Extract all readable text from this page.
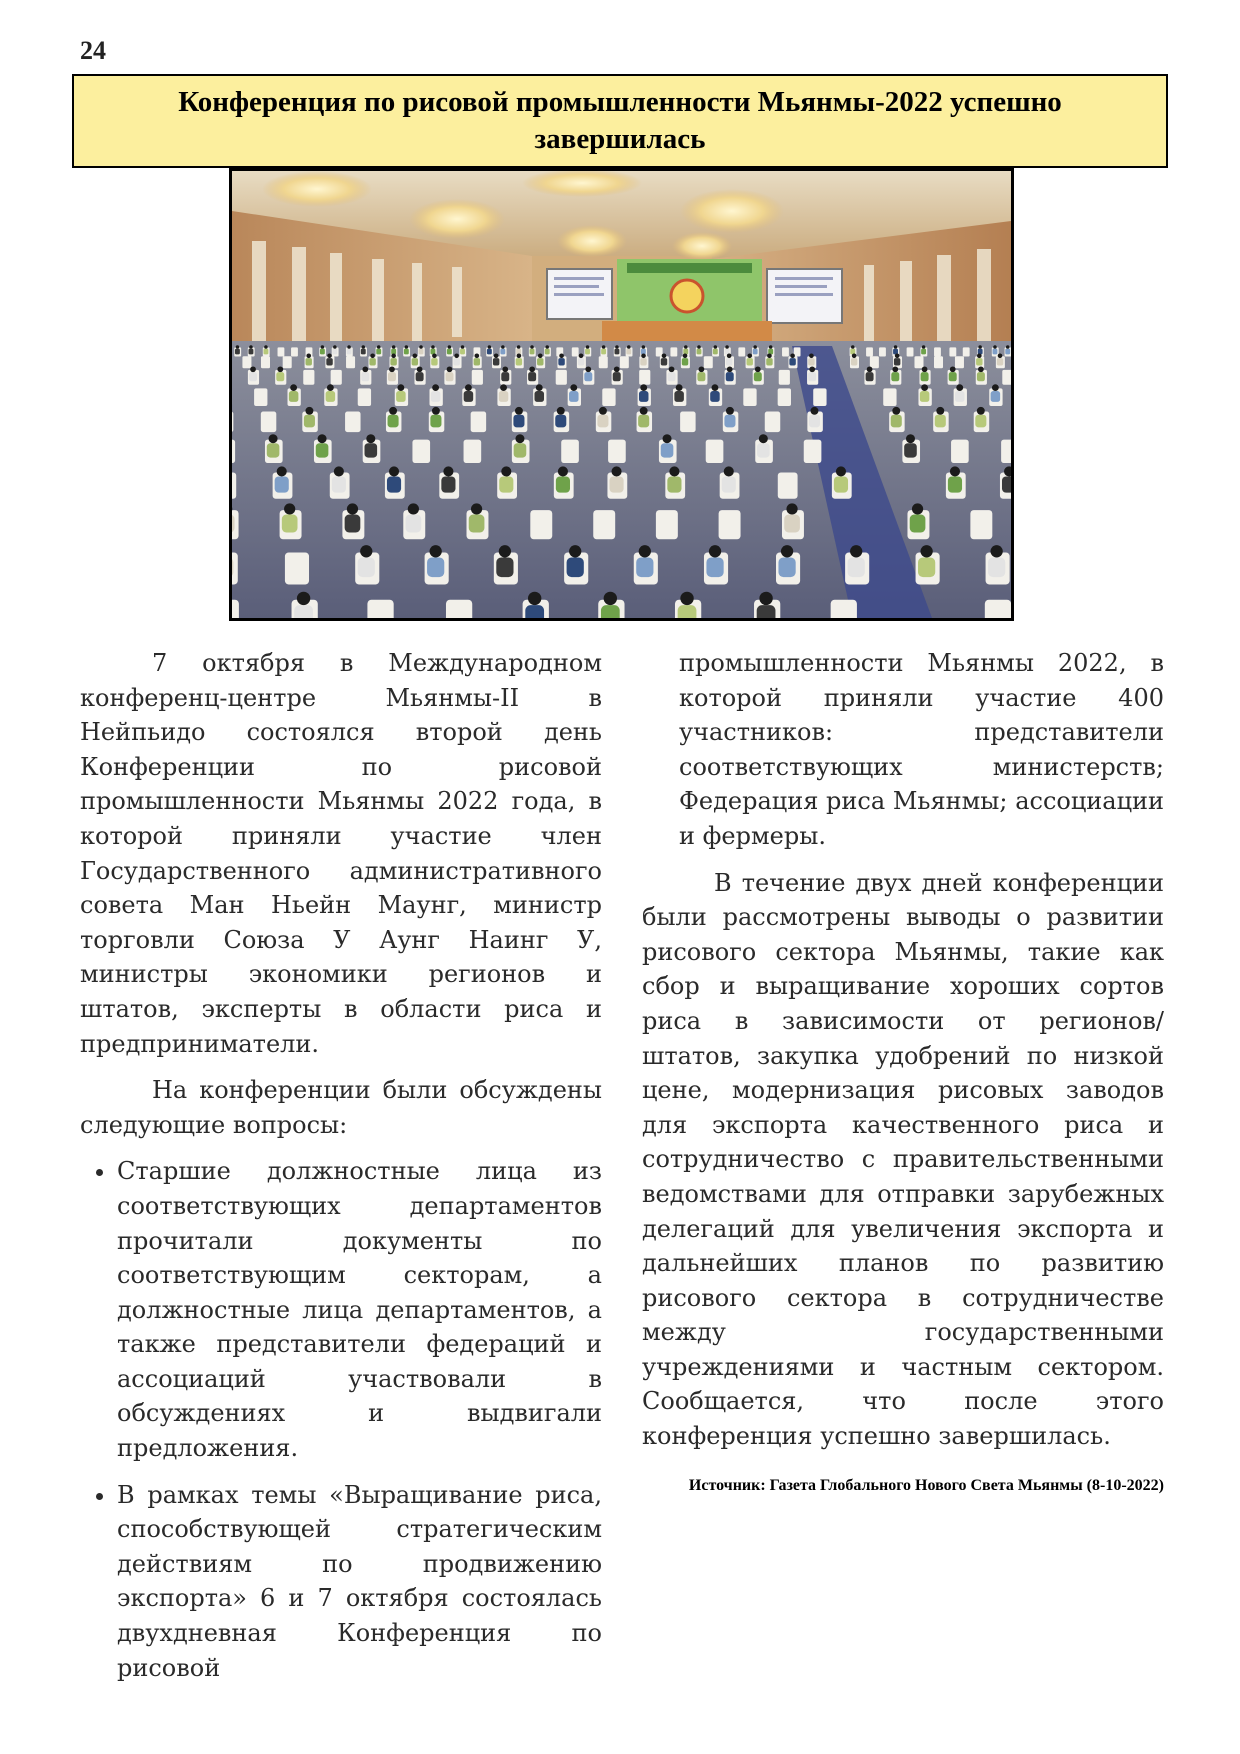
24
Конференция по рисовой промышленности Мьянмы-2022 успешно завершилась

7 октября в Международном конференц-центре Мьянмы-II в Нейпьидо состоялся второй день Конференции по рисовой промышленности Мьянмы 2022 года, в которой приняли участие член Государственного административного совета Ман Ньейн Маунг, министр торговли Союза У Аунг Наинг У, министры экономики регионов и штатов, эксперты в области риса и предприниматели.

На конференции были обсуждены следующие вопросы:

• Старшие должностные лица из соответствующих департаментов прочитали документы по соответствующим секторам, а должностные лица департаментов, а также представители федераций и ассоциаций участвовали в обсуждениях и выдвигали предложения.
• В рамках темы «Выращивание риса, способствующей стратегическим действиям по продвижению экспорта» 6 и 7 октября состоялась двухдневная Конференция по рисовой

промышленности Мьянмы 2022, в которой приняли участие 400 участников: представители соответствующих министерств; Федерация риса Мьянмы; ассоциации и фермеры.

В течение двух дней конференции были рассмотрены выводы о развитии рисового сектора Мьянмы, такие как сбор и выращивание хороших сортов риса в зависимости от регионов/ штатов, закупка удобрений по низкой цене, модернизация рисовых заводов для экспорта качественного риса и сотрудничество с правительственными ведомствами для отправки зарубежных делегаций для увеличения экспорта и дальнейших планов по развитию рисового сектора в сотрудничестве между государственными учреждениями и частным сектором. Сообщается, что после этого конференция успешно завершилась.

Источник: Газета Глобального Нового Света Мьянмы (8-10-2022)
